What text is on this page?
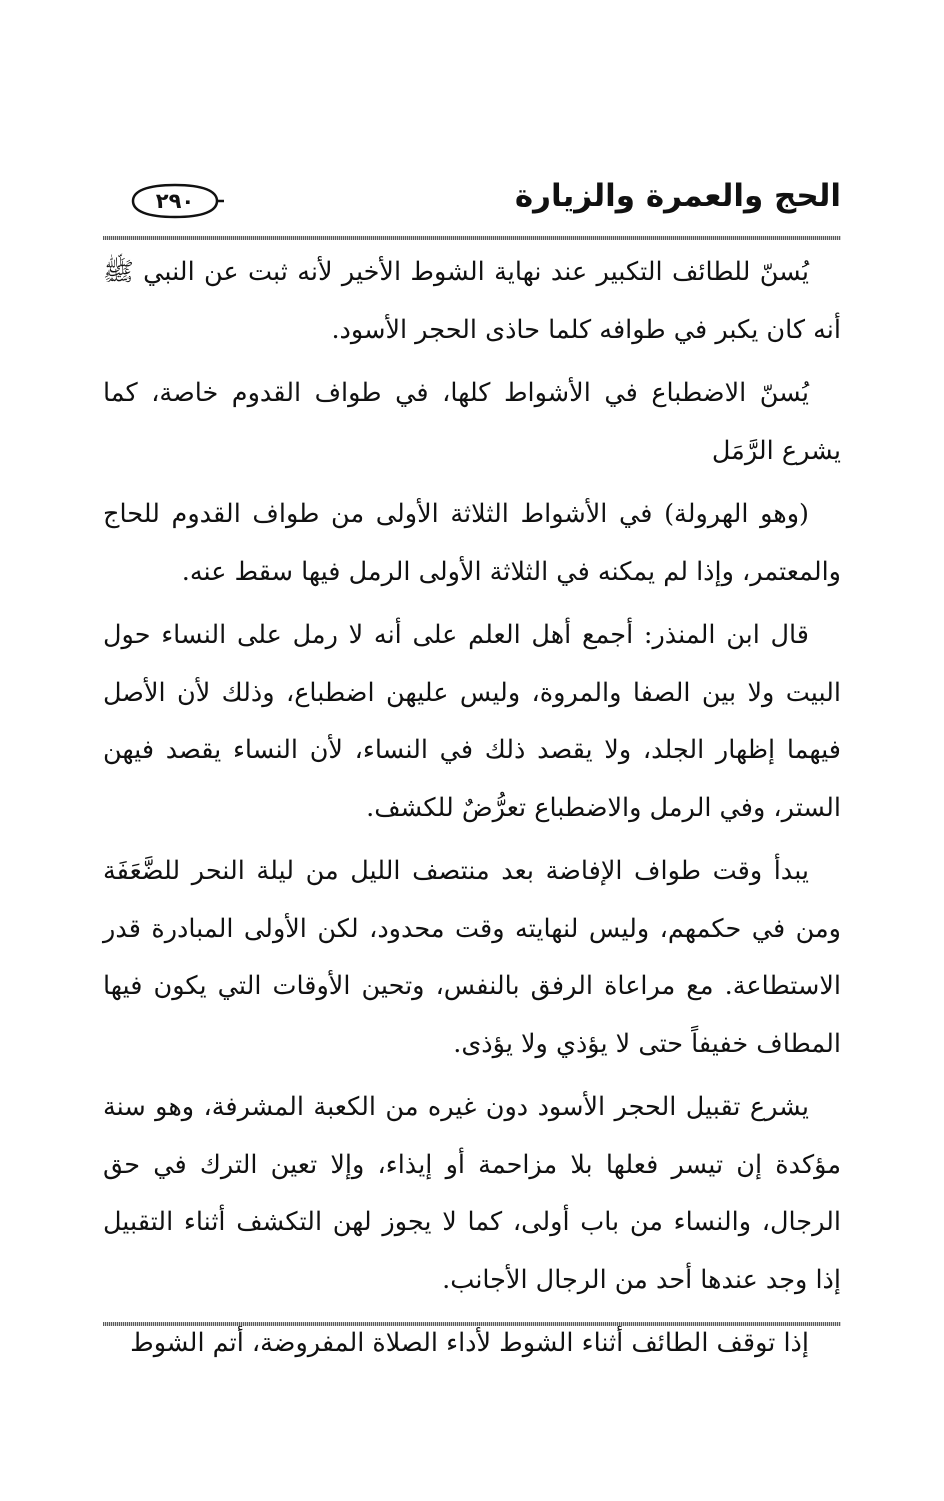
٢٩٠	الحج والعمرة والزيارة

يُسنّ للطائف التكبير عند نهاية الشوط الأخير لأنه ثبت عن النبي ﷺ أنه كان يكبر في طوافه كلما حاذى الحجر الأسود.

يُسنّ الاضطباع في الأشواط كلها، في طواف القدوم خاصة، كما يشرع الرَّمَل

(وهو الهرولة) في الأشواط الثلاثة الأولى من طواف القدوم للحاج والمعتمر، وإذا لم يمكنه في الثلاثة الأولى الرمل فيها سقط عنه.

قال ابن المنذر: أجمع أهل العلم على أنه لا رمل على النساء حول البيت ولا بين الصفا والمروة، وليس عليهن اضطباع، وذلك لأن الأصل فيهما إظهار الجلد، ولا يقصد ذلك في النساء، لأن النساء يقصد فيهن الستر، وفي الرمل والاضطباع تعرُّضٌ للكشف.

يبدأ وقت طواف الإفاضة بعد منتصف الليل من ليلة النحر للضَّعَفَة ومن في حكمهم، وليس لنهايته وقت محدود، لكن الأولى المبادرة قدر الاستطاعة. مع مراعاة الرفق بالنفس، وتحين الأوقات التي يكون فيها المطاف خفيفاً حتى لا يؤذي ولا يؤذى.

يشرع تقبيل الحجر الأسود دون غيره من الكعبة المشرفة، وهو سنة مؤكدة إن تيسر فعلها بلا مزاحمة أو إيذاء، وإلا تعين الترك في حق الرجال، والنساء من باب أولى، كما لا يجوز لهن التكشف أثناء التقبيل إذا وجد عندها أحد من الرجال الأجانب.

إذا توقف الطائف أثناء الشوط لأداء الصلاة المفروضة، أتم الشوط
